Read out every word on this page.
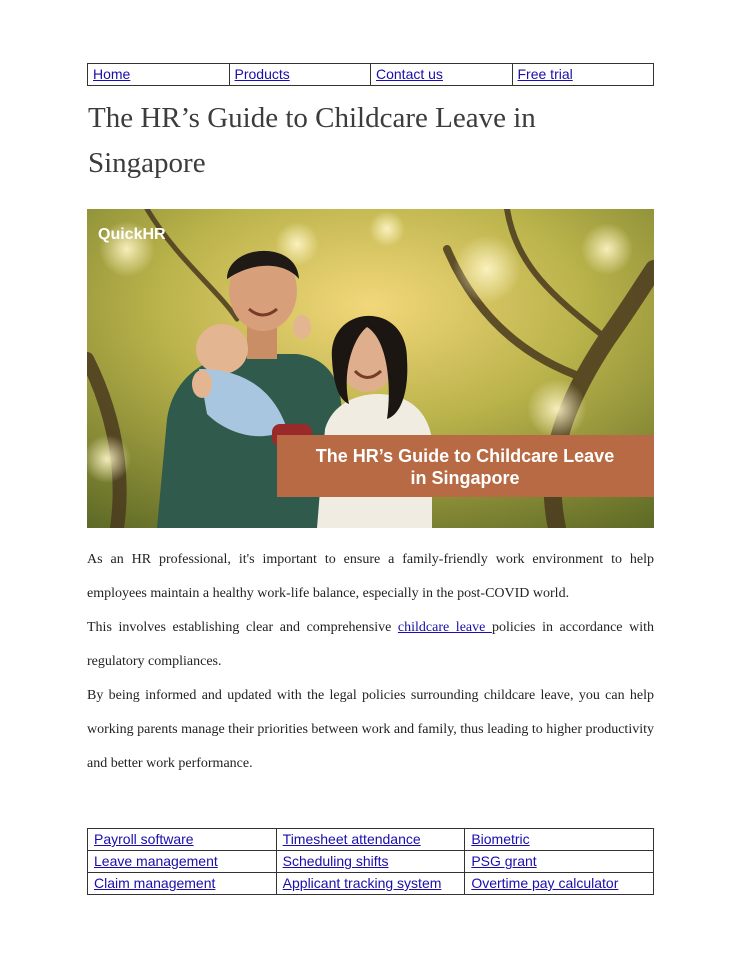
Home	Products	Contact us	Free trial
The HR’s Guide to Childcare Leave in Singapore
QuickHR
The HR’s Guide to Childcare Leave
in Singapore

As an HR professional, it's important to ensure a family-friendly work environment to help employees maintain a healthy work-life balance, especially in the post-COVID world.

This involves establishing clear and comprehensive childcare leave policies in accordance with regulatory compliances.

By being informed and updated with the legal policies surrounding childcare leave, you can help working parents manage their priorities between work and family, thus leading to higher productivity and better work performance.

Payroll software	Timesheet attendance	Biometric
Leave management	Scheduling shifts	PSG grant
Claim management	Applicant tracking system	Overtime pay calculator
